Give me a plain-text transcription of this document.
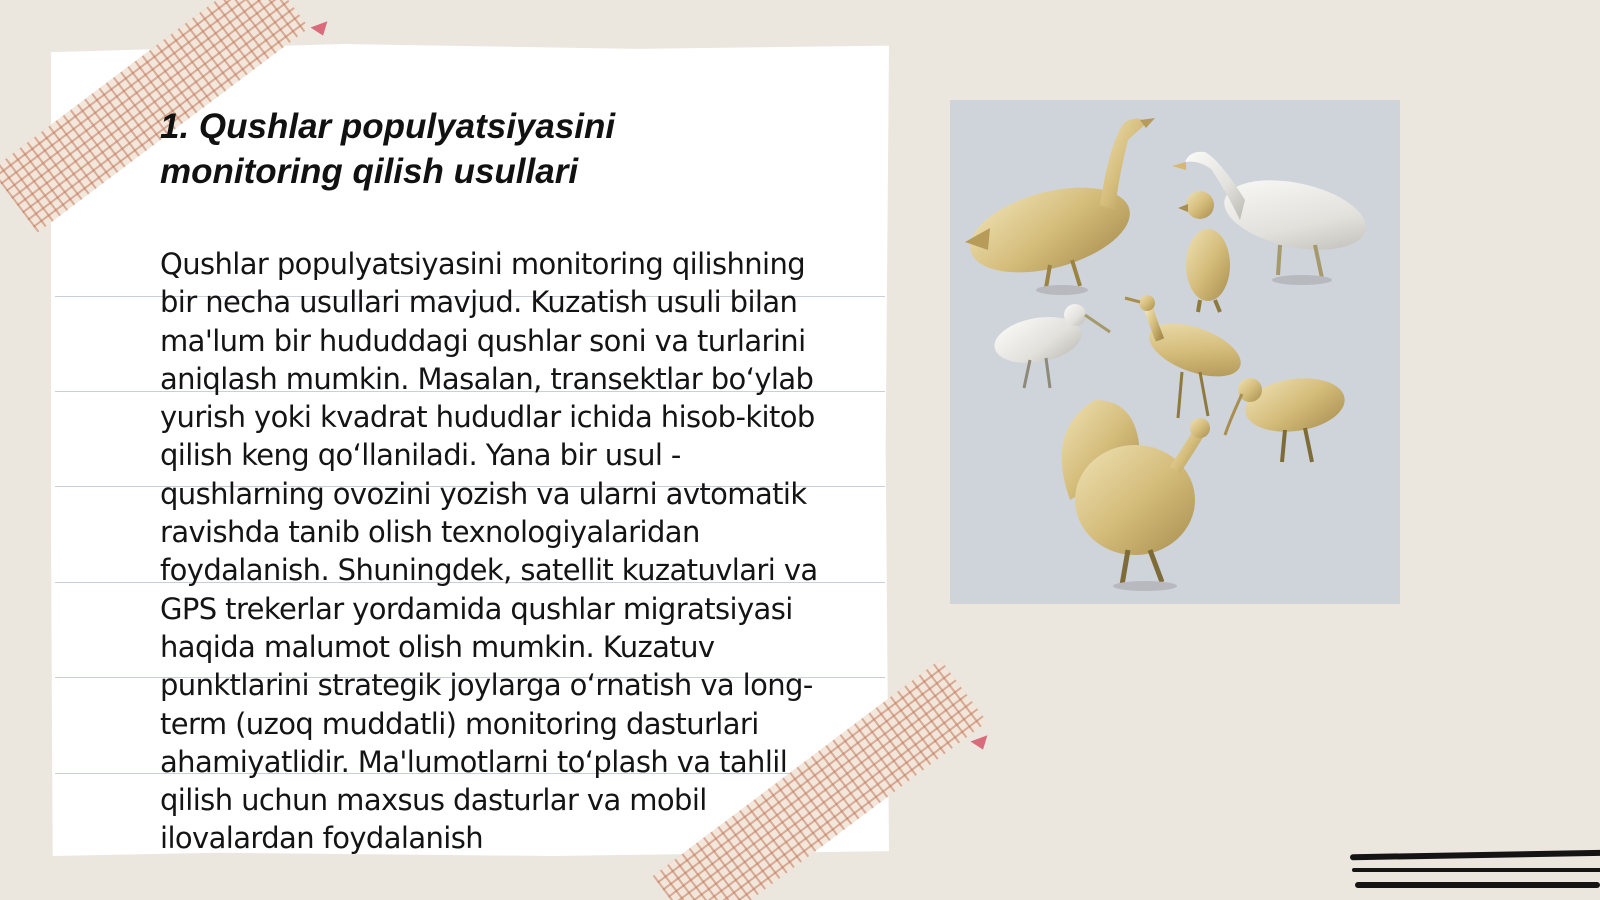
1. Qushlar populyatsiyasini monitoring qilish usullari

Qushlar populyatsiyasini monitoring qilishning bir necha usullari mavjud. Kuzatish usuli bilan ma'lum bir hududdagi qushlar soni va turlarini aniqlash mumkin. Masalan, transektlar boʻylab yurish yoki kvadrat hududlar ichida hisob-kitob qilish keng qoʻllaniladi. Yana bir usul - qushlarning ovozini yozish va ularni avtomatik ravishda tanib olish texnologiyalaridan foydalanish. Shuningdek, satellit kuzatuvlari va GPS trekerlar yordamida qushlar migratsiyasi haqida malumot olish mumkin. Kuzatuv punktlarini strategik joylarga oʻrnatish va long-term (uzoq muddatli) monitoring dasturlari ahamiyatlidir. Ma'lumotlarni toʻplash va tahlil qilish uchun maxsus dasturlar va mobil ilovalardan foydalanish
